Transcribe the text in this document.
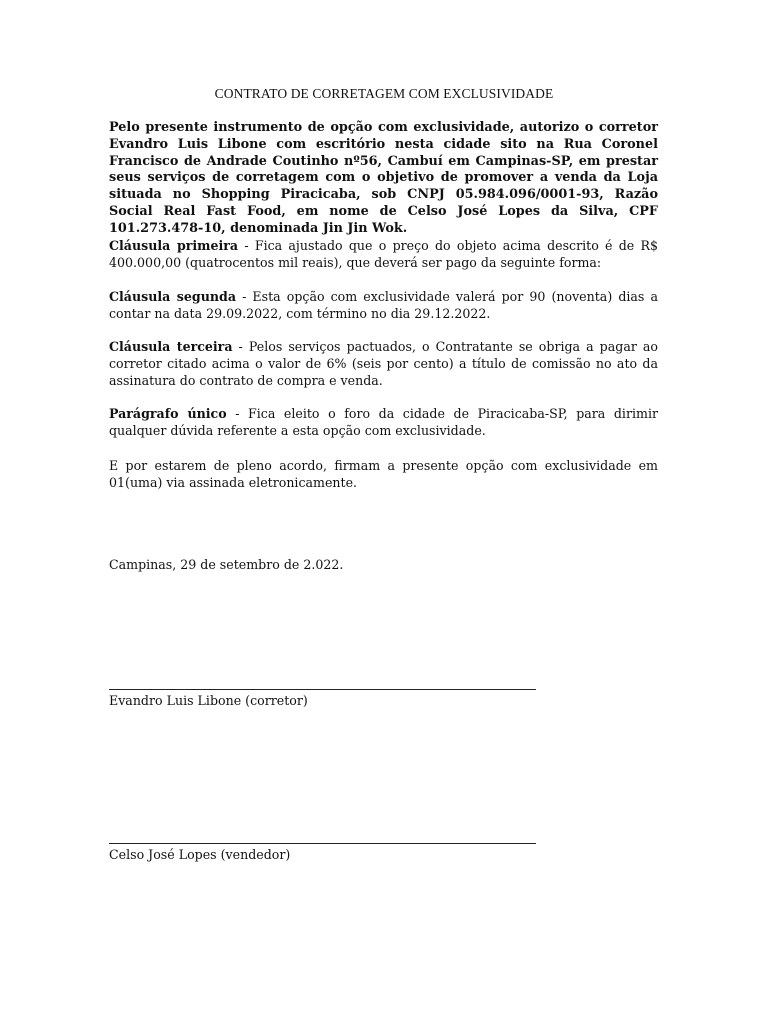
CONTRATO DE CORRETAGEM COM EXCLUSIVIDADE
Pelo presente instrumento de opção com exclusividade, autorizo o corretor Evandro Luis Libone com escritório nesta cidade sito na Rua Coronel Francisco de Andrade Coutinho nº56, Cambuí em Campinas-SP, em prestar seus serviços de corretagem com o objetivo de promover a venda da Loja situada no Shopping Piracicaba, sob CNPJ 05.984.096/0001-93, Razão Social Real Fast Food, em nome de Celso José Lopes da Silva, CPF 101.273.478-10, denominada Jin Jin Wok.
Cláusula primeira - Fica ajustado que o preço do objeto acima descrito é de R$ 400.000,00 (quatrocentos mil reais), que deverá ser pago da seguinte forma:
Cláusula segunda - Esta opção com exclusividade valerá por 90 (noventa) dias a contar na data 29.09.2022, com término no dia 29.12.2022.
Cláusula terceira - Pelos serviços pactuados, o Contratante se obriga a pagar ao corretor citado acima o valor de 6% (seis por cento) a título de comissão no ato da assinatura do contrato de compra e venda.
Parágrafo único - Fica eleito o foro da cidade de Piracicaba-SP, para dirimir qualquer dúvida referente a esta opção com exclusividade.
E por estarem de pleno acordo, firmam a presente opção com exclusividade em 01(uma) via assinada eletronicamente.
Campinas, 29 de setembro de 2.022.
Evandro Luis Libone (corretor)
Celso José Lopes (vendedor)
